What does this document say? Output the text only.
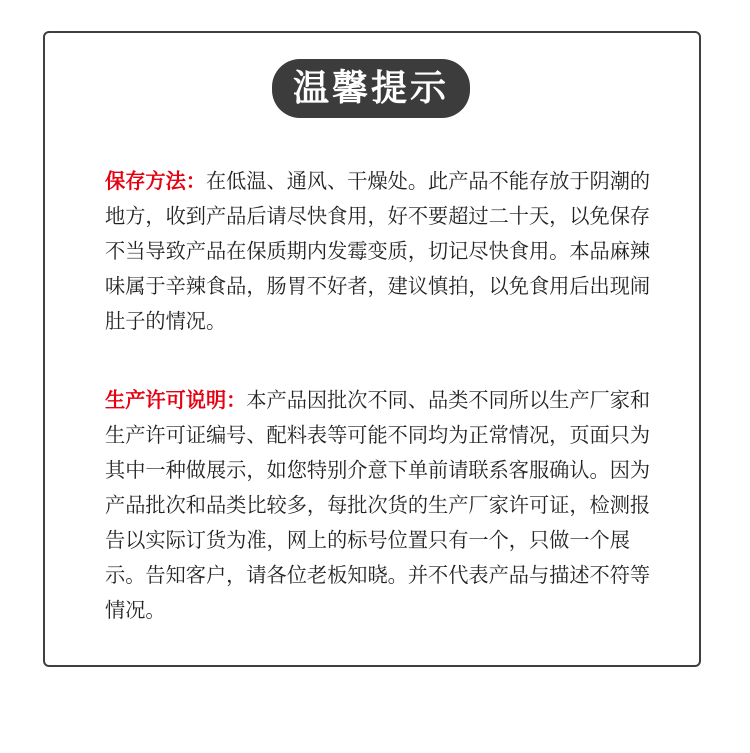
温馨提示

保存方法：在低温、通风、干燥处。此产品不能存放于阴潮的地方，收到产品后请尽快食用，好不要超过二十天，以免保存不当导致产品在保质期内发霉变质，切记尽快食用。本品麻辣味属于辛辣食品，肠胃不好者，建议慎拍，以免食用后出现闹肚子的情况。

生产许可说明：本产品因批次不同、品类不同所以生产厂家和生产许可证编号、配料表等可能不同均为正常情况，页面只为其中一种做展示，如您特别介意下单前请联系客服确认。因为产品批次和品类比较多，每批次货的生产厂家许可证，检测报告以实际订货为准，网上的标号位置只有一个，只做一个展示。告知客户，请各位老板知晓。并不代表产品与描述不符等情况。
